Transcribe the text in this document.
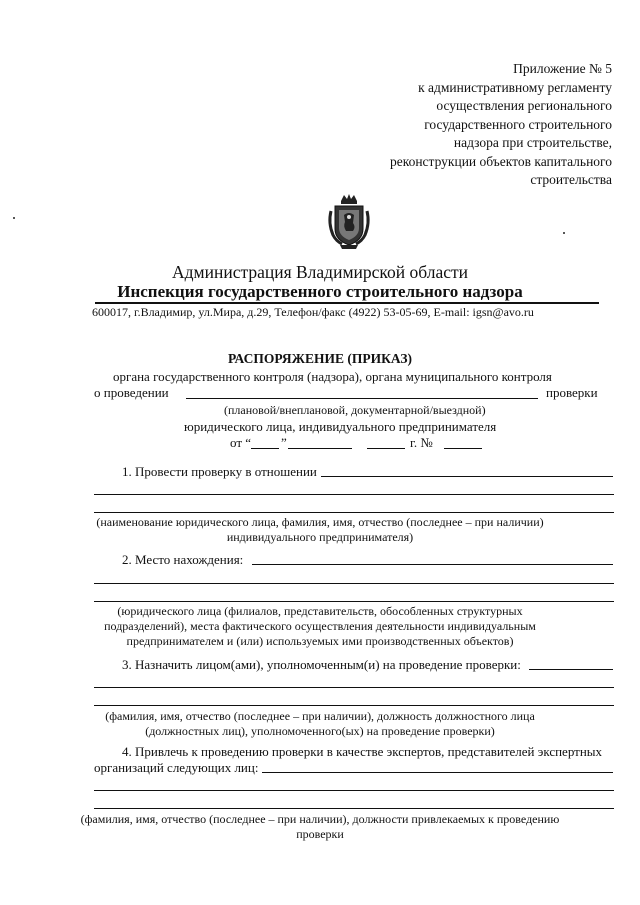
Приложение № 5
к административному регламенту
осуществления регионального
государственного строительного
надзора при строительстве,
реконструкции объектов капитального
строительства
Администрация Владимирской области
Инспекция государственного строительного надзора
600017, г.Владимир, ул.Мира, д.29, Телефон/факс (4922) 53-05-69, E-mail: igsn@avo.ru
РАСПОРЯЖЕНИЕ (ПРИКАЗ)
органа государственного контроля (надзора), органа муниципального контроля
о проведении	проверки
(плановой/внеплановой, документарной/выездной)
юридического лица, индивидуального предпринимателя
от “ ”	г. №
1. Провести проверку в отношении
(наименование юридического лица, фамилия, имя, отчество (последнее – при наличии)
индивидуального предпринимателя)
2. Место нахождения:
(юридического лица (филиалов, представительств, обособленных структурных
подразделений), места фактического осуществления деятельности индивидуальным
предпринимателем и (или) используемых ими производственных объектов)
3. Назначить лицом(ами), уполномоченным(и) на проведение проверки:
(фамилия, имя, отчество (последнее – при наличии), должность должностного лица
(должностных лиц), уполномоченного(ых) на проведение проверки)
4. Привлечь к проведению проверки в качестве экспертов, представителей экспертных
организаций следующих лиц:
(фамилия, имя, отчество (последнее – при наличии), должности привлекаемых к проведению
проверки
